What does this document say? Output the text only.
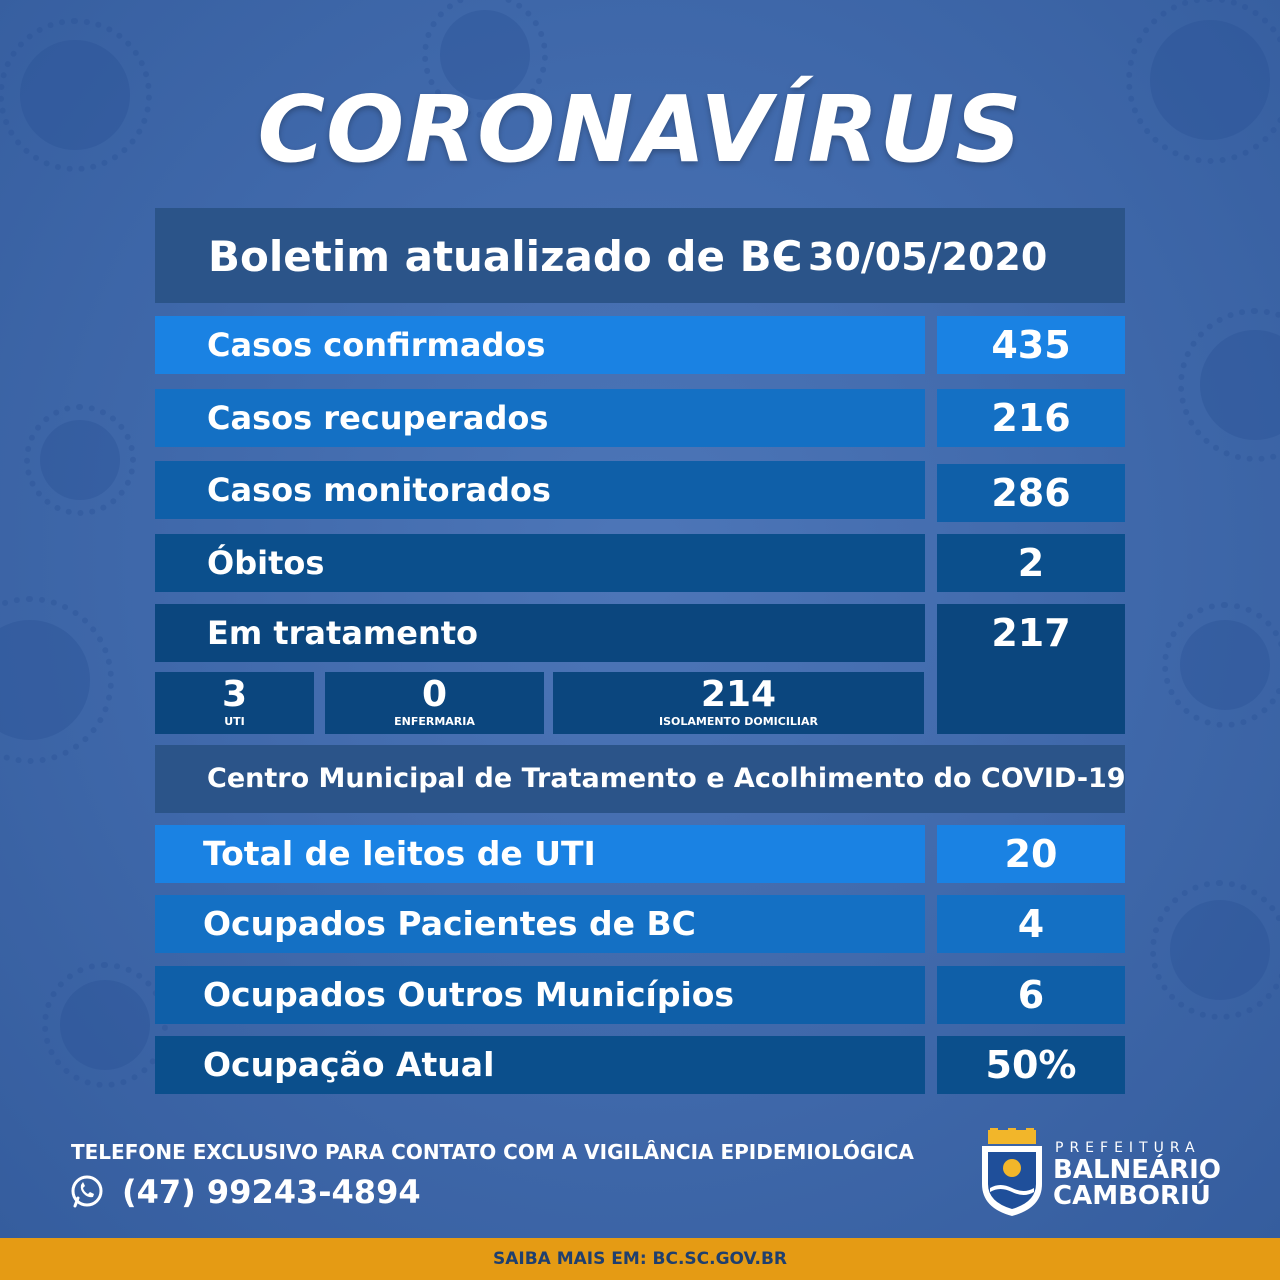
CORONAVÍRUS
Boletim atualizado de BC
- 30/05/2020
Casos confirmados	435
Casos recuperados	216
Casos monitorados	286
Óbitos	2
Em tratamento	217
3
UTI
0
ENFERMARIA
214
ISOLAMENTO DOMICILIAR
Centro Municipal de Tratamento e Acolhimento do COVID-19
Total de leitos de UTI	20
Ocupados Pacientes de BC	4
Ocupados Outros Municípios	6
Ocupação Atual	50%
TELEFONE EXCLUSIVO PARA CONTATO COM A VIGILÂNCIA EPIDEMIOLÓGICA
(47) 99243-4894
PREFEITURA
BALNEÁRIO
CAMBORIÚ
SAIBA MAIS EM: BC.SC.GOV.BR
